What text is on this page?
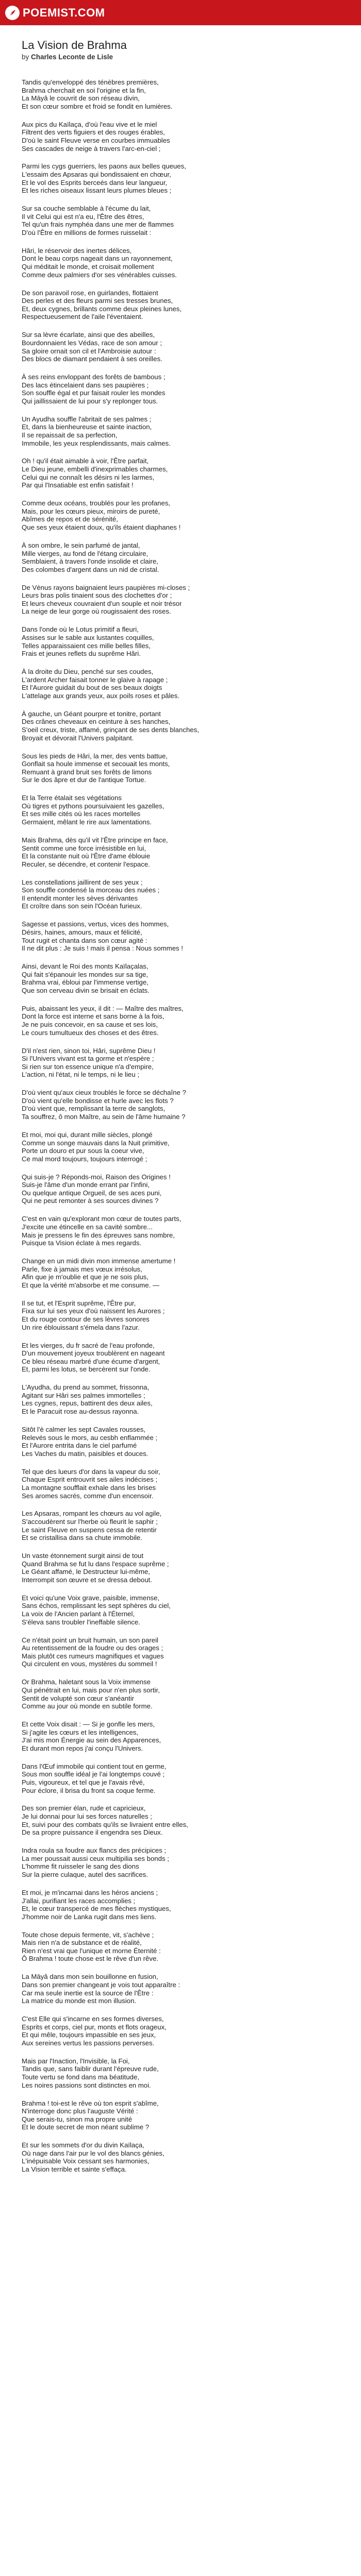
POEMIST.COM
La Vision de Brahma

by Charles Leconte de Lisle

Tandis qu'enveloppé des ténèbres premières,
Brahma cherchait en soi l'origine et la fin,
La Māyâ le couvrit de son réseau divin,
Et son cœur sombre et froid se fondit en lumières.
Aux pics du Kaïlaça, d'où l'eau vive et le miel
Filtrent des verts figuiers et des rouges érables,
D'où le saint Fleuve verse en courbes immuables
Ses cascades de neige à travers l'arc-en-ciel ;
Parmi les cygs guerriers, les paons aux belles queues,
L'essaim des Apsaras qui bondissaient en chœur,
Et le vol des Esprits berceés dans leur langueur,
Et les riches oiseaux lissant leurs plumes bleues ;
Sur sa couche semblable à l'écume du lait,
Il vit Celui qui est n'a eu, l'Être des êtres,
Tel qu'un frais nymphéa dans une mer de flammes
D'où l'Être en millions de formes ruisselait :
Hâri, le réservoir des inertes délices,
Dont le beau corps nageait dans un rayonnement,
Qui méditait le monde, et croisait mollement
Comme deux palmiers d'or ses vénérables cuisses.
De son paravoil rose, en guirlandes, flottaient
Des perles et des fleurs parmi ses tresses brunes,
Et, deux cygnes, brillants comme deux pleines lunes,
Respectueusement de l'aile l'éventaient.
Sur sa lèvre écarlate, ainsi que des abeilles,
Bourdonnaient les Védas, race de son amour ;
Sa gloire ornait son cil et l'Ambroisie autour :
Des blocs de diamant pendaient à ses oreilles.
À ses reins envloppant des forêts de bambous ;
Des lacs étincelaient dans ses paupières ;
Son souffle égal et pur faisait rouler les mondes
Qui jaillissaient de lui pour s'y replonger tous.
Un Ayudha souffle l'abritait de ses palmes ;
Et, dans la bienheureuse et sainte inaction,
Il se repaissait de sa perfection,
Immobile, les yeux resplendissants, mais calmes.
Oh ! qu'il était aimable à voir, l'Être parfait,
Le Dieu jeune, embelli d'inexprimables charmes,
Celui qui ne connaît les désirs ni les larmes,
Par qui l'Insatiable est enfin satisfait !
Comme deux océans, troublés pour les profanes,
Mais, pour les cœurs pieux, miroirs de pureté,
Abîmes de repos et de sérénité,
Que ses yeux étaient doux, qu'ils étaient diaphanes !
À son ombre, le sein parfumé de jantal,
Mille vierges, au fond de l'étang circulaire,
Semblaient, à travers l'onde insolide et claire,
Des colombes d'argent dans un nid de cristal.
De Vènus rayons baignaient leurs paupières mi-closes ;
Leurs bras polis tinaient sous des clochettes d'or ;
Et leurs cheveux couvraient d'un souple et noir trésor
La neige de leur gorge où rougissaient des roses.
Dans l'onde où le Lotus primitif a fleuri,
Assises sur le sable aux lustantes coquilles,
Telles apparaissaient ces mille belles filles,
Frais et jeunes reflets du suprême Hâri.
À la droite du Dieu, penché sur ses coudes,
L'ardent Archer faisait tonner le glaive à rapage ;
Et l'Aurore guidait du bout de ses beaux doigts
L'attelage aux grands yeux, aux poils roses et pâles.
À gauche, un Géant pourpre et tonitre, portant
Des crânes cheveaux en ceinture à ses hanches,
S'oeil creux, triste, affamé, grinçant de ses dents blanches,
Broyait et dévorait l'Univers palpitant.
Sous les pieds de Hâri, la mer, des vents battue,
Gonflait sa houle immense et secouait les monts,
Remuant à grand bruit ses forêts de limons
Sur le dos âpre et dur de l'antique Tortue.
Et la Terre étalait ses végétations
Où tigres et pythons poursuivaient les gazelles,
Et ses mille cités où les races mortelles
Germaient, mêlant le rire aux lamentations.
Mais Brahma, dès qu'il vit l'Être principe en face,
Sentit comme une force irrésistible en lui,
Et la constante nuit où l'Être d'ame éblouie
Reculer, se décendre, et contenir l'espace.
Les constellations jaillirent de ses yeux ;
Son souffle condensé la morceau des nuées ;
Il entendit monter les sèves dérivantes
Et croître dans son sein l'Océan furieux.
Sagesse et passions, vertus, vices des hommes,
Désirs, haines, amours, maux et félicité,
Tout rugit et chanta dans son cœur agité :
Il ne dit plus : Je suis ! mais il pensa : Nous sommes !
Ainsi, devant le Roi des monts Kaïlaçalas,
Qui fait s'épanouir les mondes sur sa tige,
Brahma vrai, ébloui par l'immense vertige,
Que son cerveau divin se brisait en éclats.
Puis, abaissant les yeux, il dit : — Maître des maîtres,
Dont la force est interne et sans borne à la fois,
Je ne puis concevoir, en sa cause et ses lois,
Le cours tumultueux des choses et des êtres.
D'il n'est rien, sinon toi, Hâri, suprême Dieu !
Si l'Univers vivant est ta gorme et n'espère ;
Si rien sur ton essence unique n'a d'empire,
L'action, ni l'état, ni le temps, ni le lieu ;
D'où vient qu'aux cieux troublés le force se déchaîne ?
D'où vient qu'elle bondisse et hurle avec les flots ?
D'où vient que, remplissant la terre de sanglots,
Ta souffrez, ô mon Maître, au sein de l'âme humaine ?
Et moi, moi qui, durant mille siècles, plongé
Comme un songe mauvais dans la Nuit primitive,
Porte un douro et pur sous la coeur vive,
Ce mal mord toujours, toujours interrogé ;
Qui suis-je ? Réponds-moi, Raison des Origines !
Suis-je l'âme d'un monde errant par l'infini,
Ou quelque antique Orgueil, de ses aces puni,
Qui ne peut remonter à ses sources divines ?
C'est en vain qu'explorant mon cœur de toutes parts,
J'excite une étincelle en sa cavité sombre...
Mais je pressens le fin des épreuves sans nombre,
Puisque ta Vision éclate à mes regards.
Change en un midi divin mon immense amertume !
Parle, fixe à jamais mes vœux irrésolus,
Afin que je m'oublie et que je ne sois plus,
Et que la vérité m'absorbe et me consume. —
Il se tut, et l'Esprit suprême, l'Être pur,
Fixa sur lui ses yeux d'où naissent les Aurores ;
Et du rouge contour de ses lèvres sonores
Un rire éblouissant s'émela dans l'azur.
Et les vierges, du fr sacré de l'eau profonde,
D'un mouvement joyeux troublèrent en nageant
Ce bleu réseau marbré d'une écume d'argent,
Et, parmi les lotus, se bercèrent sur l'onde.
L'Ayudha, du prend au sommet, frissonna,
Agitant sur Hâri ses palmes immortelles ;
Les cygnes, repus, battirent des deux ailes,
Et le Paracuit rose au-dessus rayonna.
Sitôt l'è calmer les sept Cavales rousses,
Relevés sous le mors, au cesbh enflammée ;
Et l'Aurore entrita dans le ciel parfumé
Les Vaches du matin, paisibles et douces.
Tel que des lueurs d'or dans la vapeur du soir,
Chaque Esprit entrouvrit ses ailes indécises ;
La montagne soufflait exhale dans les brises
Ses aromes sacrés, comme d'un encensoir.
Les Apsaras, rompant les chœurs au vol agile,
S'accoudèrent sur l'herbe où fleurit le saphir ;
Le saint Fleuve en suspens cessa de retentir
Et se cristallisa dans sa chute immobile.
Un vaste étonnement surgit ainsi de tout
Quand Brahma se fut lu dans l'espace suprême ;
Le Géant affamé, le Destructeur lui-même,
Interrompit son œuvre et se dressa debout.
Et voici qu'une Voix grave, paisible, immense,
Sans échos, remplissant les sept sphères du ciel,
La voix de l'Ancien parlant à l'Éternel,
S'éleva sans troubler l'ineffable silence.
Ce n'était point un bruit humain, un son pareil
Au retentissement de la foudre ou des orages ;
Mais plutôt ces rumeurs magnifiques et vagues
Qui circulent en vous, mystères du sommeil !
Or Brahma, haletant sous la Voix immense
Qui pénétrait en lui, mais pour n'en plus sortir,
Sentit de volupté son cœur s'anéantir
Comme au jour où monde en subtile forme.
Et cette Voix disait : — Si je gonfle les mers,
Si j'agite les cœurs et les intelligences,
J'ai mis mon Énergie au sein des Apparences,
Et durant mon repos j'ai conçu l'Univers.
Dans l'Œuf immobile qui contient tout en germe,
Sous mon souffle idéal je l'ai longtemps couvé ;
Puis, vigoureux, et tel que je l'avais rêvé,
Pour éclore, il brisa du front sa coque ferme.
Des son premier élan, rude et capricieux,
Je lui donnai pour lui ses forces naturelles ;
Et, suivi pour des combats qu'ils se livraient entre elles,
De sa propre puissance il engendra ses Dieux.
Indra roula sa foudre aux flancs des précipices ;
La mer poussait aussi ceux multipilia ses bonds ;
L'homme fit ruisseler le sang des dions
Sur la pierre culaque, autel des sacrifices.
Et moi, je m'incarnai dans les héros anciens ;
J'allai, purifiant les races accomplies ;
Et, le cœur transpercé de mes flèches mystiques,
J'homme noir de Lanka rugit dans mes liens.
Toute chose depuis fermente, vit, s'achève ;
Mais rien n'a de substance et de réalité,
Rien n'est vrai que l'unique et morne Éternité :
Ô Brahma ! toute chose est le rêve d'un rêve.
La Māyâ dans mon sein bouillonne en fusion,
Dans son premier changeant je vois tout apparaître :
Car ma seule inertie est la source de l'Être :
La matrice du monde est mon illusion.
C'est Elle qui s'incarne en ses formes diverses,
Esprits et corps, ciel pur, monts et flots orageux,
Et qui mêle, toujours impassible en ses jeux,
Aux sereines vertus les passions perverses.
Mais par l'Inaction, l'Invisible, la Foi,
Tandis que, sans faiblir durant l'épreuve rude,
Toute vertu se fond dans ma béatitude,
Les noires passions sont distinctes en moi.
Brahma ! toi-est le rêve où ton esprit s'abîme,
N'interroge donc plus l'auguste Vérité :
Que serais-tu, sinon ma propre unité
Et le doute secret de mon néant sublime ?
Et sur les sommets d'or du divin Kaïlaça,
Où nage dans l'air pur le vol des blancs génies,
L'inépuisable Voix cessant ses harmonies,
La Vision terrible et sainte s'effaça.
